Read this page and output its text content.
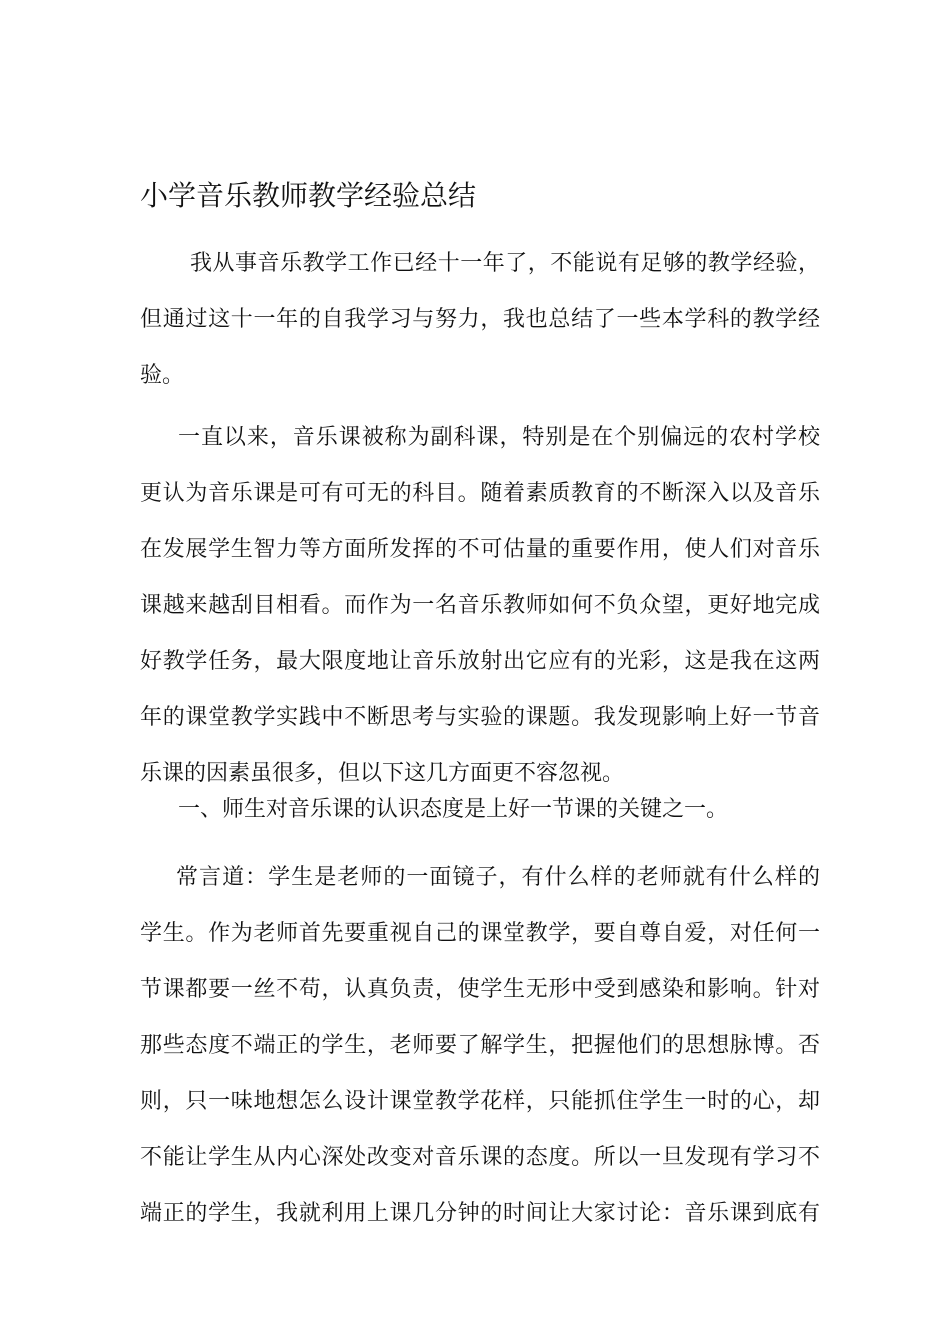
小学音乐教师教学经验总结
我从事音乐教学工作已经十一年了，不能说有足够的教学经验，
但通过这十一年的自我学习与努力，我也总结了一些本学科的教学经
验。
一直以来，音乐课被称为副科课，特别是在个别偏远的农村学校
更认为音乐课是可有可无的科目。随着素质教育的不断深入以及音乐
在发展学生智力等方面所发挥的不可估量的重要作用，使人们对音乐
课越来越刮目相看。而作为一名音乐教师如何不负众望，更好地完成
好教学任务，最大限度地让音乐放射出它应有的光彩，这是我在这两
年的课堂教学实践中不断思考与实验的课题。我发现影响上好一节音
乐课的因素虽很多，但以下这几方面更不容忽视。
一、师生对音乐课的认识态度是上好一节课的关键之一。
常言道：学生是老师的一面镜子，有什么样的老师就有什么样的
学生。作为老师首先要重视自己的课堂教学，要自尊自爱，对任何一
节课都要一丝不苟，认真负责，使学生无形中受到感染和影响。针对
那些态度不端正的学生，老师要了解学生，把握他们的思想脉博。否
则，只一味地想怎么设计课堂教学花样，只能抓住学生一时的心，却
不能让学生从内心深处改变对音乐课的态度。所以一旦发现有学习不
端正的学生，我就利用上课几分钟的时间让大家讨论：音乐课到底有
